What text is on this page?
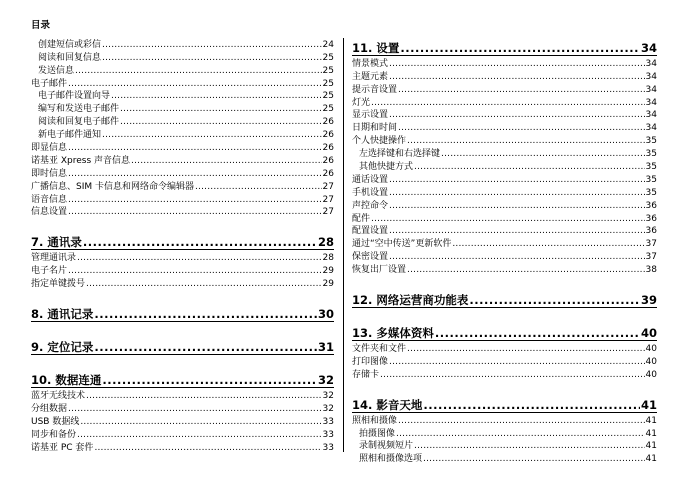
目录
创建短信或彩信 .....	24
阅读和回复信息 .....	25
发送信息 .....	25
电子邮件 .....	25
电子邮件设置向导 .....	25
编写和发送电子邮件 .....	25
阅读和回复电子邮件 .....	26
新电子邮件通知 .....	26
即显信息 .....	26
诺基亚 Xpress 声音信息 .....	26
即时信息 .....	26
广播信息、SIM 卡信息和网络命令编辑器 .....	27
语音信息 .....	27
信息设置 .....	27
7. 通讯录 .....	28
管理通讯录 .....	28
电子名片 .....	29
指定单键拨号 .....	29
8. 通讯记录 .....	30
9. 定位记录 .....	31
10. 数据连通 .....	32
蓝牙无线技术 .....	32
分组数据 .....	32
USB 数据线 .....	33
同步和备份 .....	33
诺基亚 PC 套件 .....	33
11. 设置 .....	34
情景模式 .....	34
主题元素 .....	34
提示音设置 .....	34
灯光 .....	34
显示设置 .....	34
日期和时间 .....	34
个人快捷操作 .....	35
左选择键和右选择键 .....	35
其他快捷方式 .....	35
通话设置 .....	35
手机设置 .....	35
声控命令 .....	36
配件 .....	36
配置设置 .....	36
通过“空中传送”更新软件 .....	37
保密设置 .....	37
恢复出厂设置 .....	38
12. 网络运营商功能表 .....	39
13. 多媒体资料 .....	40
文件夹和文件 .....	40
打印图像 .....	40
存储卡 .....	40
14. 影音天地 .....	41
照相和摄像 .....	41
拍摄图像 .....	41
录制视频短片 .....	41
照相和摄像选项 .....	41
